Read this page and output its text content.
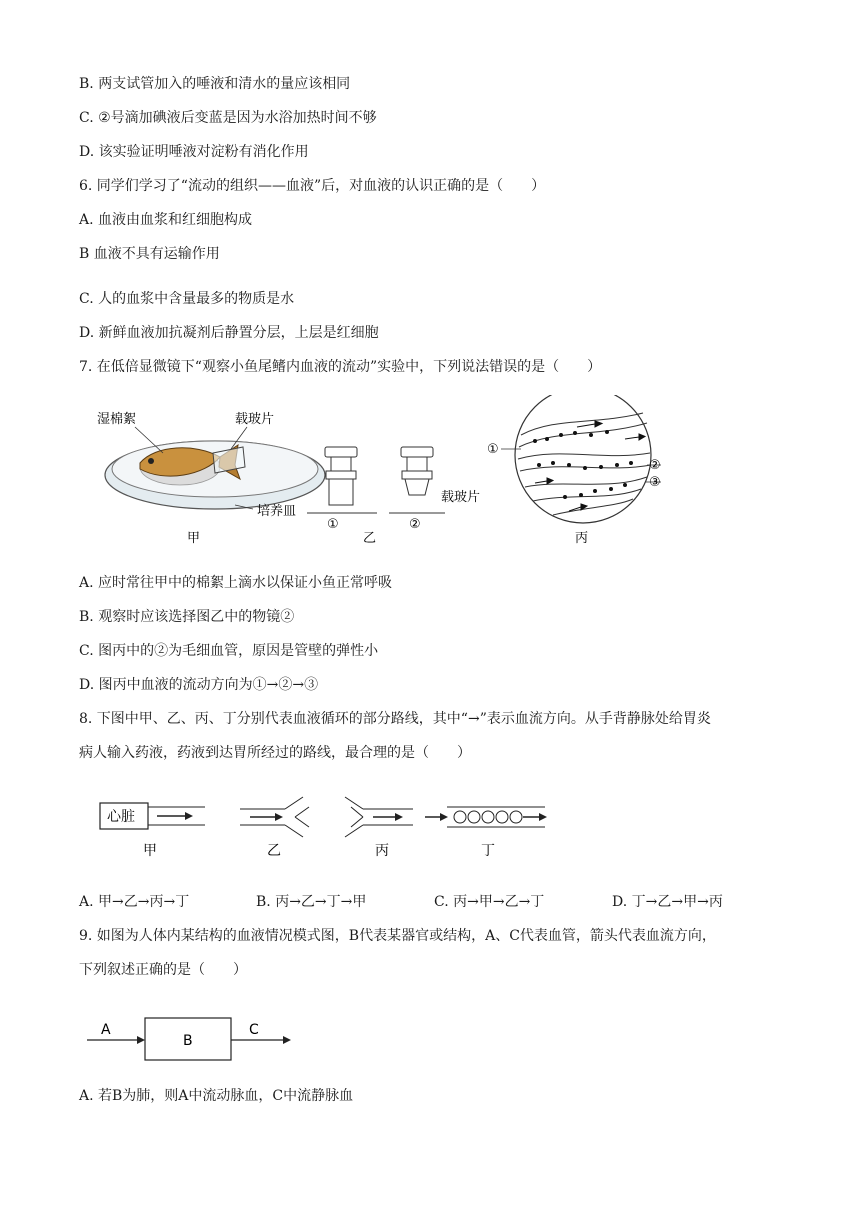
B. 两支试管加入的唾液和清水的量应该相同
C. ②号滴加碘液后变蓝是因为水浴加热时间不够
D. 该实验证明唾液对淀粉有消化作用
6. 同学们学习了“流动的组织——血液”后，对血液的认识正确的是（　　）
A. 血液由血浆和红细胞构成
B 血液不具有运输作用
C. 人的血浆中含量最多的物质是水
D. 新鲜血液加抗凝剂后静置分层，上层是红细胞
7. 在低倍显微镜下“观察小鱼尾鳍内血液的流动”实验中，下列说法错误的是（　　）
湿棉絮	载玻片
培养皿
甲
①
乙
②
载玻片
①
②
③
丙
A. 应时常往甲中的棉絮上滴水以保证小鱼正常呼吸
B. 观察时应该选择图乙中的物镜②
C. 图丙中的②为毛细血管，原因是管壁的弹性小
D. 图丙中血液的流动方向为①→②→③
8. 下图中甲、乙、丙、丁分别代表血液循环的部分路线，其中“→”表示血流方向。从手背静脉处给胃炎
病人输入药液，药液到达胃所经过的路线，最合理的是（　　）
心脏
甲	乙	丙	丁
A. 甲→乙→丙→丁	B. 丙→乙→丁→甲	C. 丙→甲→乙→丁	D. 丁→乙→甲→丙
9. 如图为人体内某结构的血液情况模式图，B代表某器官或结构，A、C代表血管，箭头代表血流方向，
下列叙述正确的是（　　）
A
B
C
A. 若B为肺，则A中流动脉血，C中流静脉血
